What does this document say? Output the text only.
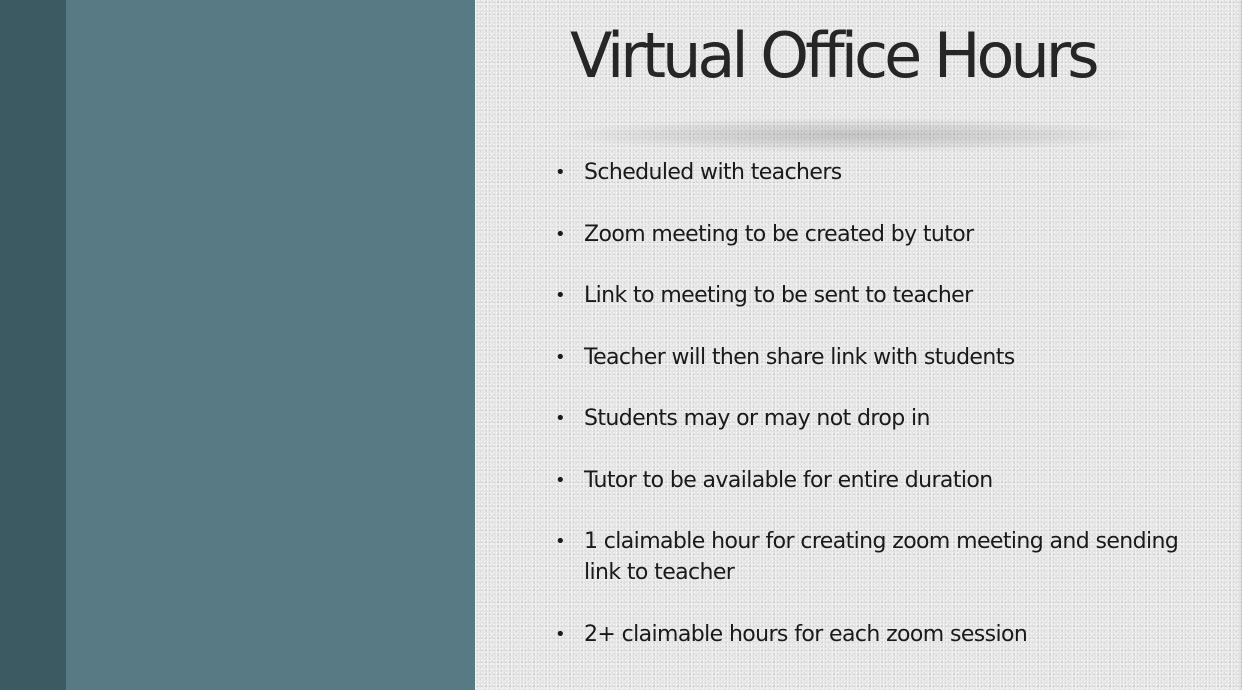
Virtual Office Hours
• Scheduled with teachers
• Zoom meeting to be created by tutor
• Link to meeting to be sent to teacher
• Teacher will then share link with students
• Students may or may not drop in
• Tutor to be available for entire duration
• 1 claimable hour for creating zoom meeting and sending link to teacher
• 2+ claimable hours for each zoom session
